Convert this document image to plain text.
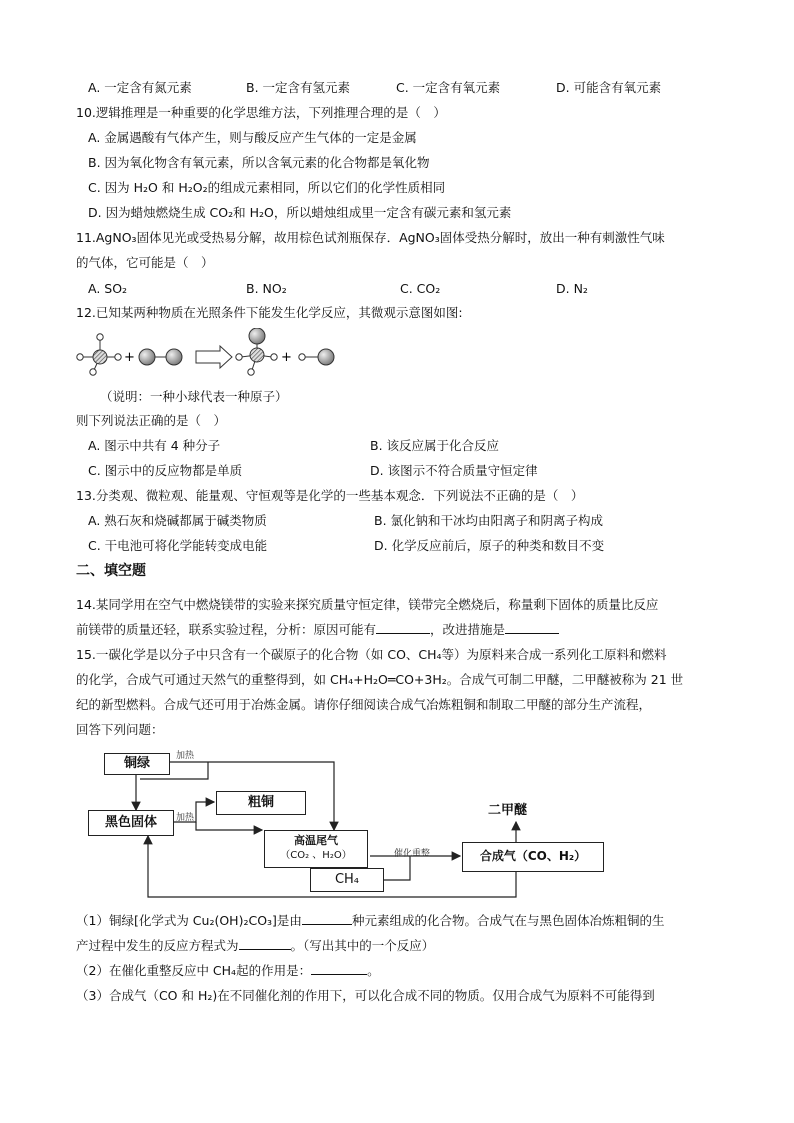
A. 一定含有氮元素	B. 一定含有氢元素	C. 一定含有氧元素	D. 可能含有氧元素
10.逻辑推理是一种重要的化学思维方法，下列推理合理的是（　）
A. 金属遇酸有气体产生，则与酸反应产生气体的一定是金属
B. 因为氧化物含有氧元素，所以含氧元素的化合物都是氧化物
C. 因为 H₂O 和 H₂O₂的组成元素相同，所以它们的化学性质相同
D. 因为蜡烛燃烧生成 CO₂和 H₂O，所以蜡烛组成里一定含有碳元素和氢元素
11.AgNO₃固体见光或受热易分解，故用棕色试剂瓶保存．AgNO₃固体受热分解时，放出一种有刺激性气味
的气体，它可能是（　）
A. SO₂	B. NO₂	C. CO₂	D. N₂
12.已知某两种物质在光照条件下能发生化学反应，其微观示意图如图:
+	+
（说明：一种小球代表一种原子）
则下列说法正确的是（　）
A. 图示中共有 4 种分子	B. 该反应属于化合反应
C. 图示中的反应物都是单质	D. 该图示不符合质量守恒定律
13.分类观、微粒观、能量观、守恒观等是化学的一些基本观念．下列说法不正确的是（　）
A. 熟石灰和烧碱都属于碱类物质	B. 氯化钠和干冰均由阳离子和阴离子构成
C. 干电池可将化学能转变成电能	D. 化学反应前后，原子的种类和数目不变
二、填空题
14.某同学用在空气中燃烧镁带的实验来探究质量守恒定律，镁带完全燃烧后，称量剩下固体的质量比反应
前镁带的质量还轻，联系实验过程，分析：原因可能有	，改进措施是
15.一碳化学是以分子中只含有一个碳原子的化合物（如 CO、CH₄等）为原料来合成一系列化工原料和燃料
的化学，合成气可通过天然气的重整得到，如 CH₄+H₂O═CO+3H₂。合成气可制二甲醚，二甲醚被称为 21 世
纪的新型燃料。合成气还可用于冶炼金属。请你仔细阅读合成气冶炼粗铜和制取二甲醚的部分生产流程，
回答下列问题：
铜绿	加热
黑色固体	加热
粗铜
高温尾气
（CO₂ 、H₂O）	催化重整
CH₄
合成气（CO、H₂）
二甲醚
（1）铜绿[化学式为 Cu₂(OH)₂CO₃]是由	种元素组成的化合物。合成气在与黑色固体冶炼粗铜的生
产过程中发生的反应方程式为	。（写出其中的一个反应）
（2）在催化重整反应中 CH₄起的作用是：	。
（3）合成气（CO 和 H₂)在不同催化剂的作用下，可以化合成不同的物质。仅用合成气为原料不可能得到
